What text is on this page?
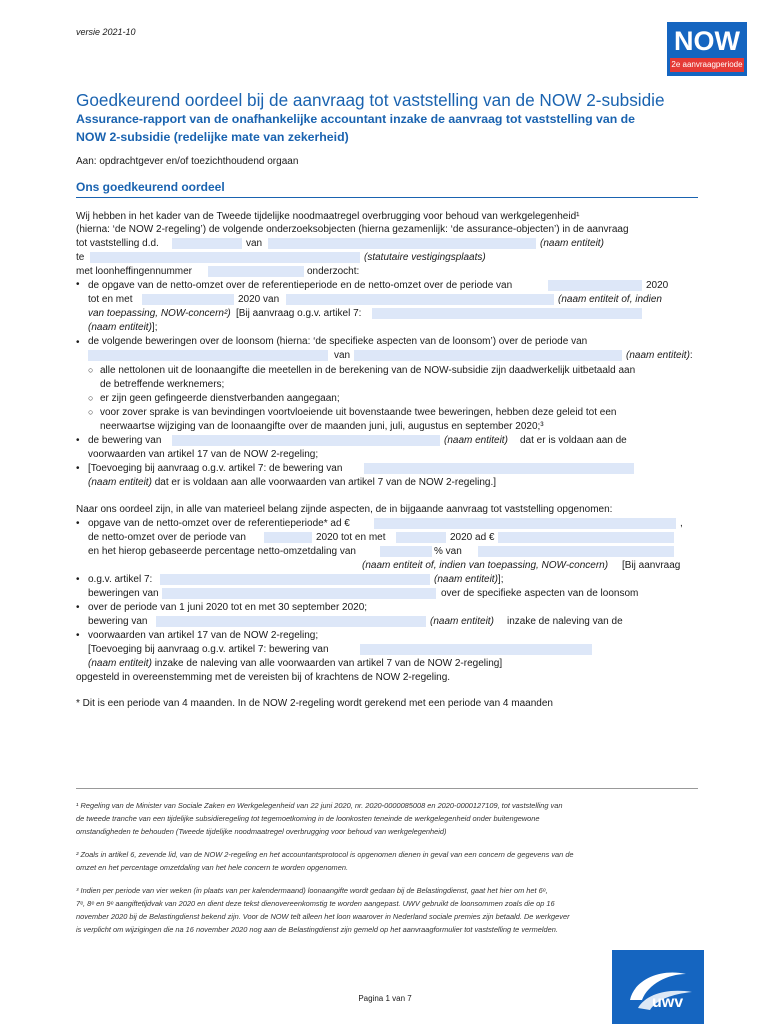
versie 2021-10	NOW
2e aanvraagperiode
Goedkeurend oordeel bij de aanvraag tot vaststelling van de NOW 2-subsidie
Assurance-rapport van de onafhankelijke accountant inzake de aanvraag tot vaststelling van de
NOW 2-subsidie (redelijke mate van zekerheid)
Aan: opdrachtgever en/of toezichthoudend orgaan
Ons goedkeurend oordeel
Wij hebben in het kader van de Tweede tijdelijke noodmaatregel overbrugging voor behoud van werkgelegenheid¹
(hierna: ‘de NOW 2-regeling’) de volgende onderzoeksobjecten (hierna gezamenlijk: ‘de assurance-objecten’) in de aanvraag
tot vaststelling d.d.	van	(naam entiteit)
te	(statutaire vestigingsplaats)
met loonheffingennummer	onderzocht:
• de opgave van de netto-omzet over de referentieperiode en de netto-omzet over de periode van	2020
tot en met	2020 van	(naam entiteit of, indien
van toepassing, NOW-concern²) [Bij aanvraag o.g.v. artikel 7:
(naam entiteit)];
• de volgende beweringen over de loonsom (hierna: ‘de specifieke aspecten van de loonsom’) over de periode van
van	(naam entiteit):
○ alle nettolonen uit de loonaangifte die meetellen in de berekening van de NOW-subsidie zijn daadwerkelijk uitbetaald aan
de betreffende werknemers;
○ er zijn geen gefingeerde dienstverbanden aangegaan;
○ voor zover sprake is van bevindingen voortvloeiende uit bovenstaande twee beweringen, hebben deze geleid tot een
neerwaartse wijziging van de loonaangifte over de maanden juni, juli, augustus en september 2020;³
• de bewering van	(naam entiteit) dat er is voldaan aan de
voorwaarden van artikel 17 van de NOW 2-regeling;
• [Toevoeging bij aanvraag o.g.v. artikel 7: de bewering van
(naam entiteit) dat er is voldaan aan alle voorwaarden van artikel 7 van de NOW 2-regeling.]
Naar ons oordeel zijn, in alle van materieel belang zijnde aspecten, de in bijgaande aanvraag tot vaststelling opgenomen:
• opgave van de netto-omzet over de referentieperiode* ad €	,
de netto-omzet over de periode van	2020 tot en met	2020 ad €
en het hierop gebaseerde percentage netto-omzetdaling van	% van
(naam entiteit of, indien van toepassing, NOW-concern) [Bij aanvraag
• o.g.v. artikel 7:	(naam entiteit)];
beweringen van	over de specifieke aspecten van de loonsom
• over de periode van 1 juni 2020 tot en met 30 september 2020;
bewering van	(naam entiteit) inzake de naleving van de
• voorwaarden van artikel 17 van de NOW 2-regeling;
[Toevoeging bij aanvraag o.g.v. artikel 7: bewering van
(naam entiteit) inzake de naleving van alle voorwaarden van artikel 7 van de NOW 2-regeling]
opgesteld in overeenstemming met de vereisten bij of krachtens de NOW 2-regeling.
* Dit is een periode van 4 maanden. In de NOW 2-regeling wordt gerekend met een periode van 4 maanden
¹ Regeling van de Minister van Sociale Zaken en Werkgelegenheid van 22 juni 2020, nr. 2020-0000085008 en 2020-0000127109, tot vaststelling van
de tweede tranche van een tijdelijke subsidieregeling tot tegemoetkoming in de loonkosten teneinde de werkgelegenheid onder buitengewone
omstandigheden te behouden (Tweede tijdelijke noodmaatregel overbrugging voor behoud van werkgelegenheid)
² Zoals in artikel 6, zevende lid, van de NOW 2-regeling en het accountantsprotocol is opgenomen dienen in geval van een concern de gegevens van de
omzet en het percentage omzetdaling van het hele concern te worden opgenomen.
³ Indien per periode van vier weken (in plaats van per kalendermaand) loonaangifte wordt gedaan bij de Belastingdienst, gaat het hier om het 6ᵉ,
7ᵉ, 8ᵉ en 9ᵉ aangiftetijdvak van 2020 en dient deze tekst dienovereenkomstig te worden aangepast. UWV gebruikt de loonsommen zoals die op 16
november 2020 bij de Belastingdienst bekend zijn. Voor de NOW telt alleen het loon waarover in Nederland sociale premies zijn betaald. De werkgever
is verplicht om wijzigingen die na 16 november 2020 nog aan de Belastingdienst zijn gemeld op het aanvraagformulier tot vaststelling te vermelden.
Pagina 1 van 7	uwv
